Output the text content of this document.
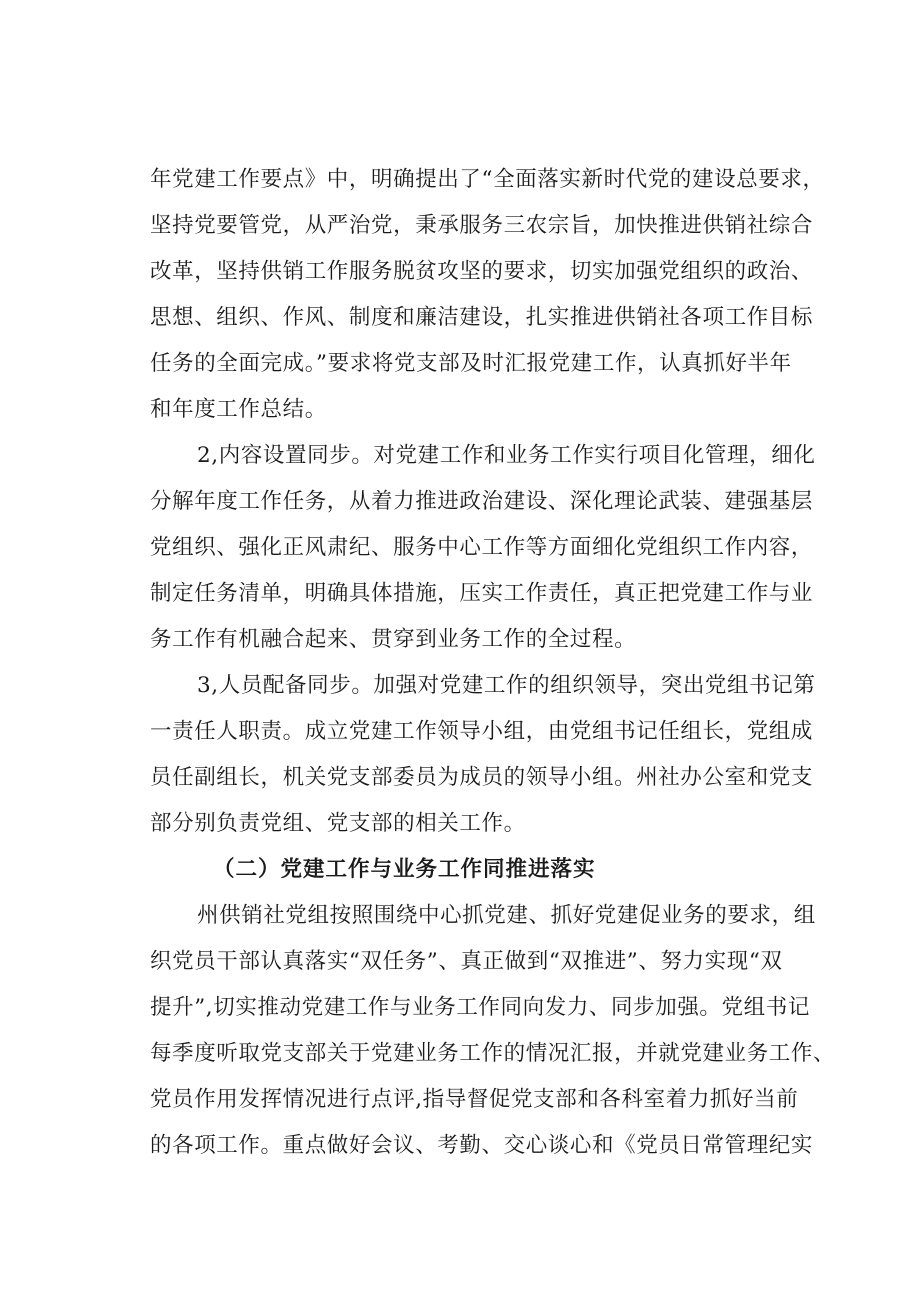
年党建工作要点》中，明确提出了“全面落实新时代党的建设总要求，
坚持党要管党，从严治党，秉承服务三农宗旨，加快推进供销社综合
改革，坚持供销工作服务脱贫攻坚的要求，切实加强党组织的政治、
思想、组织、作风、制度和廉洁建设，扎实推进供销社各项工作目标
任务的全面完成。”要求将党支部及时汇报党建工作，认真抓好半年
和年度工作总结。
2,内容设置同步。对党建工作和业务工作实行项目化管理，细化
分解年度工作任务，从着力推进政治建设、深化理论武装、建强基层
党组织、强化正风肃纪、服务中心工作等方面细化党组织工作内容，
制定任务清单，明确具体措施，压实工作责任，真正把党建工作与业
务工作有机融合起来、贯穿到业务工作的全过程。
3,人员配备同步。加强对党建工作的组织领导，突出党组书记第
一责任人职责。成立党建工作领导小组，由党组书记任组长，党组成
员任副组长，机关党支部委员为成员的领导小组。州社办公室和党支
部分别负责党组、党支部的相关工作。
（二）党建工作与业务工作同推进落实
州供销社党组按照围绕中心抓党建、抓好党建促业务的要求，组
织党员干部认真落实“双任务”、真正做到“双推进”、努力实现“双
提升”,切实推动党建工作与业务工作同向发力、同步加强。党组书记
每季度听取党支部关于党建业务工作的情况汇报，并就党建业务工作、
党员作用发挥情况进行点评,指导督促党支部和各科室着力抓好当前
的各项工作。重点做好会议、考勤、交心谈心和《党员日常管理纪实
